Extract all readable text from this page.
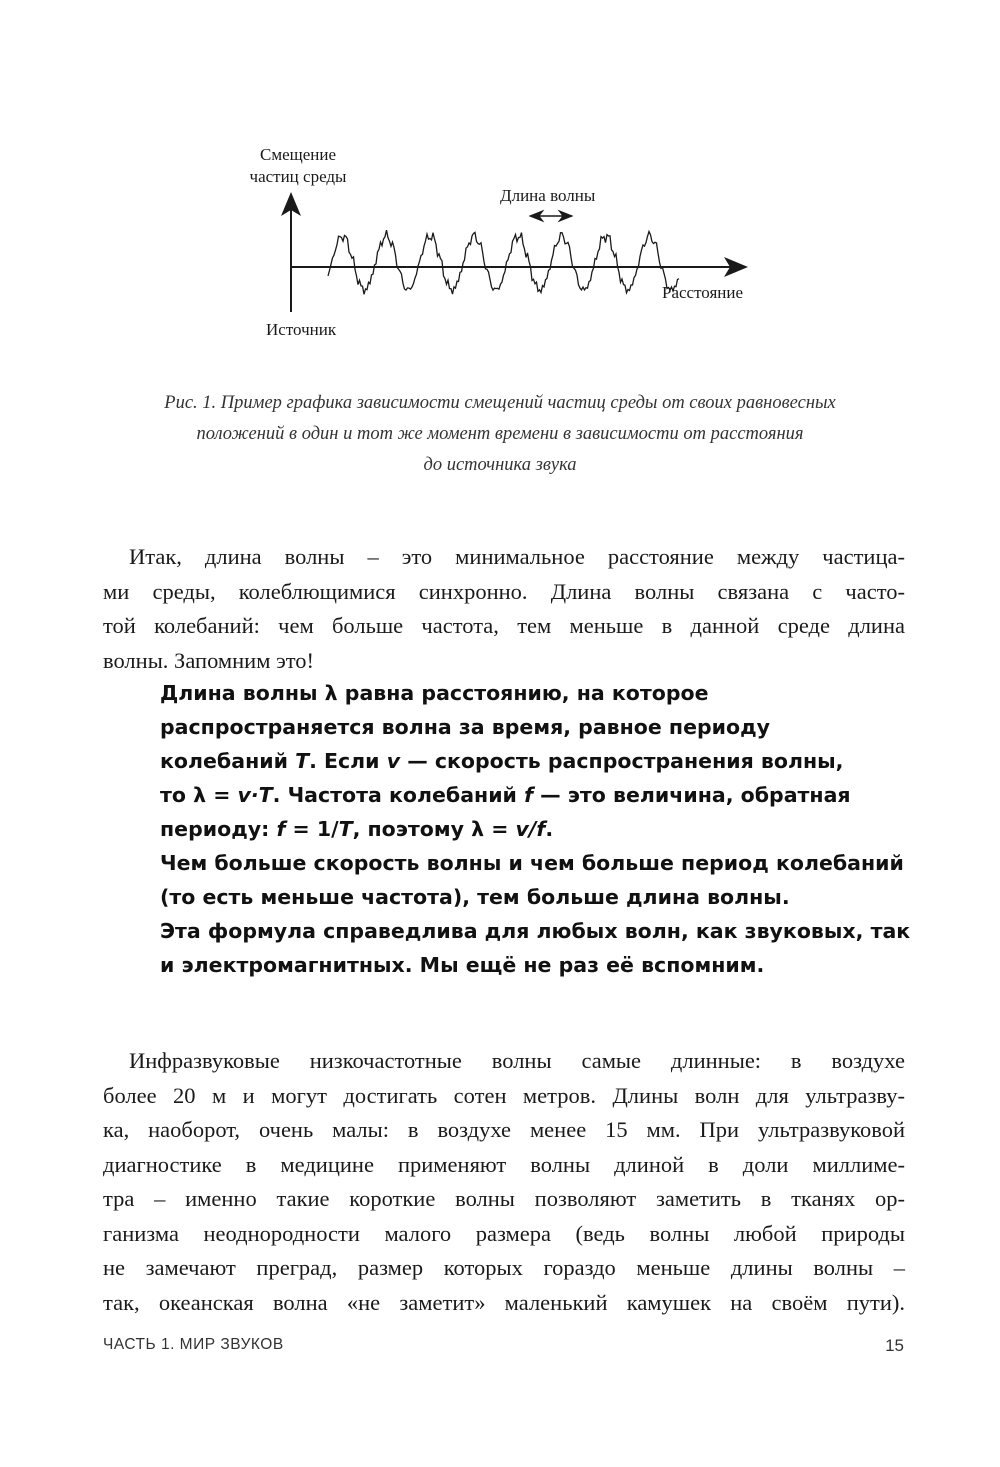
Смещение
частиц среды
Длина волны
Расстояние
Источник
Рис. 1. Пример графика зависимости смещений частиц среды от своих равновесных
положений в один и тот же момент времени в зависимости от расстояния
до источника звука
Итак, длина волны – это минимальное расстояние между частица-
ми среды, колеблющимися синхронно. Длина волны связана с часто-
той колебаний: чем больше частота, тем меньше в данной среде длина
волны. Запомним это!
Длина волны λ равна расстоянию, на которое
распространяется волна за время, равное периоду
колебаний T. Если v — скорость распространения волны,
то λ = v·T. Частота колебаний f — это величина, обратная
периоду: f = 1/T, поэтому λ = v/f.
Чем больше скорость волны и чем больше период колебаний
(то есть меньше частота), тем больше длина волны.
Эта формула справедлива для любых волн, как звуковых, так
и электромагнитных. Мы ещё не раз её вспомним.
Инфразвуковые низкочастотные волны самые длинные: в воздухе
более 20 м и могут достигать сотен метров. Длины волн для ультразву-
ка, наоборот, очень малы: в воздухе менее 15 мм. При ультразвуковой
диагностике в медицине применяют волны длиной в доли миллиме-
тра – именно такие короткие волны позволяют заметить в тканях ор-
ганизма неоднородности малого размера (ведь волны любой природы
не замечают преград, размер которых гораздо меньше длины волны –
так, океанская волна «не заметит» маленький камушек на своём пути).
ЧАСТЬ 1. МИР ЗВУКОВ	15
